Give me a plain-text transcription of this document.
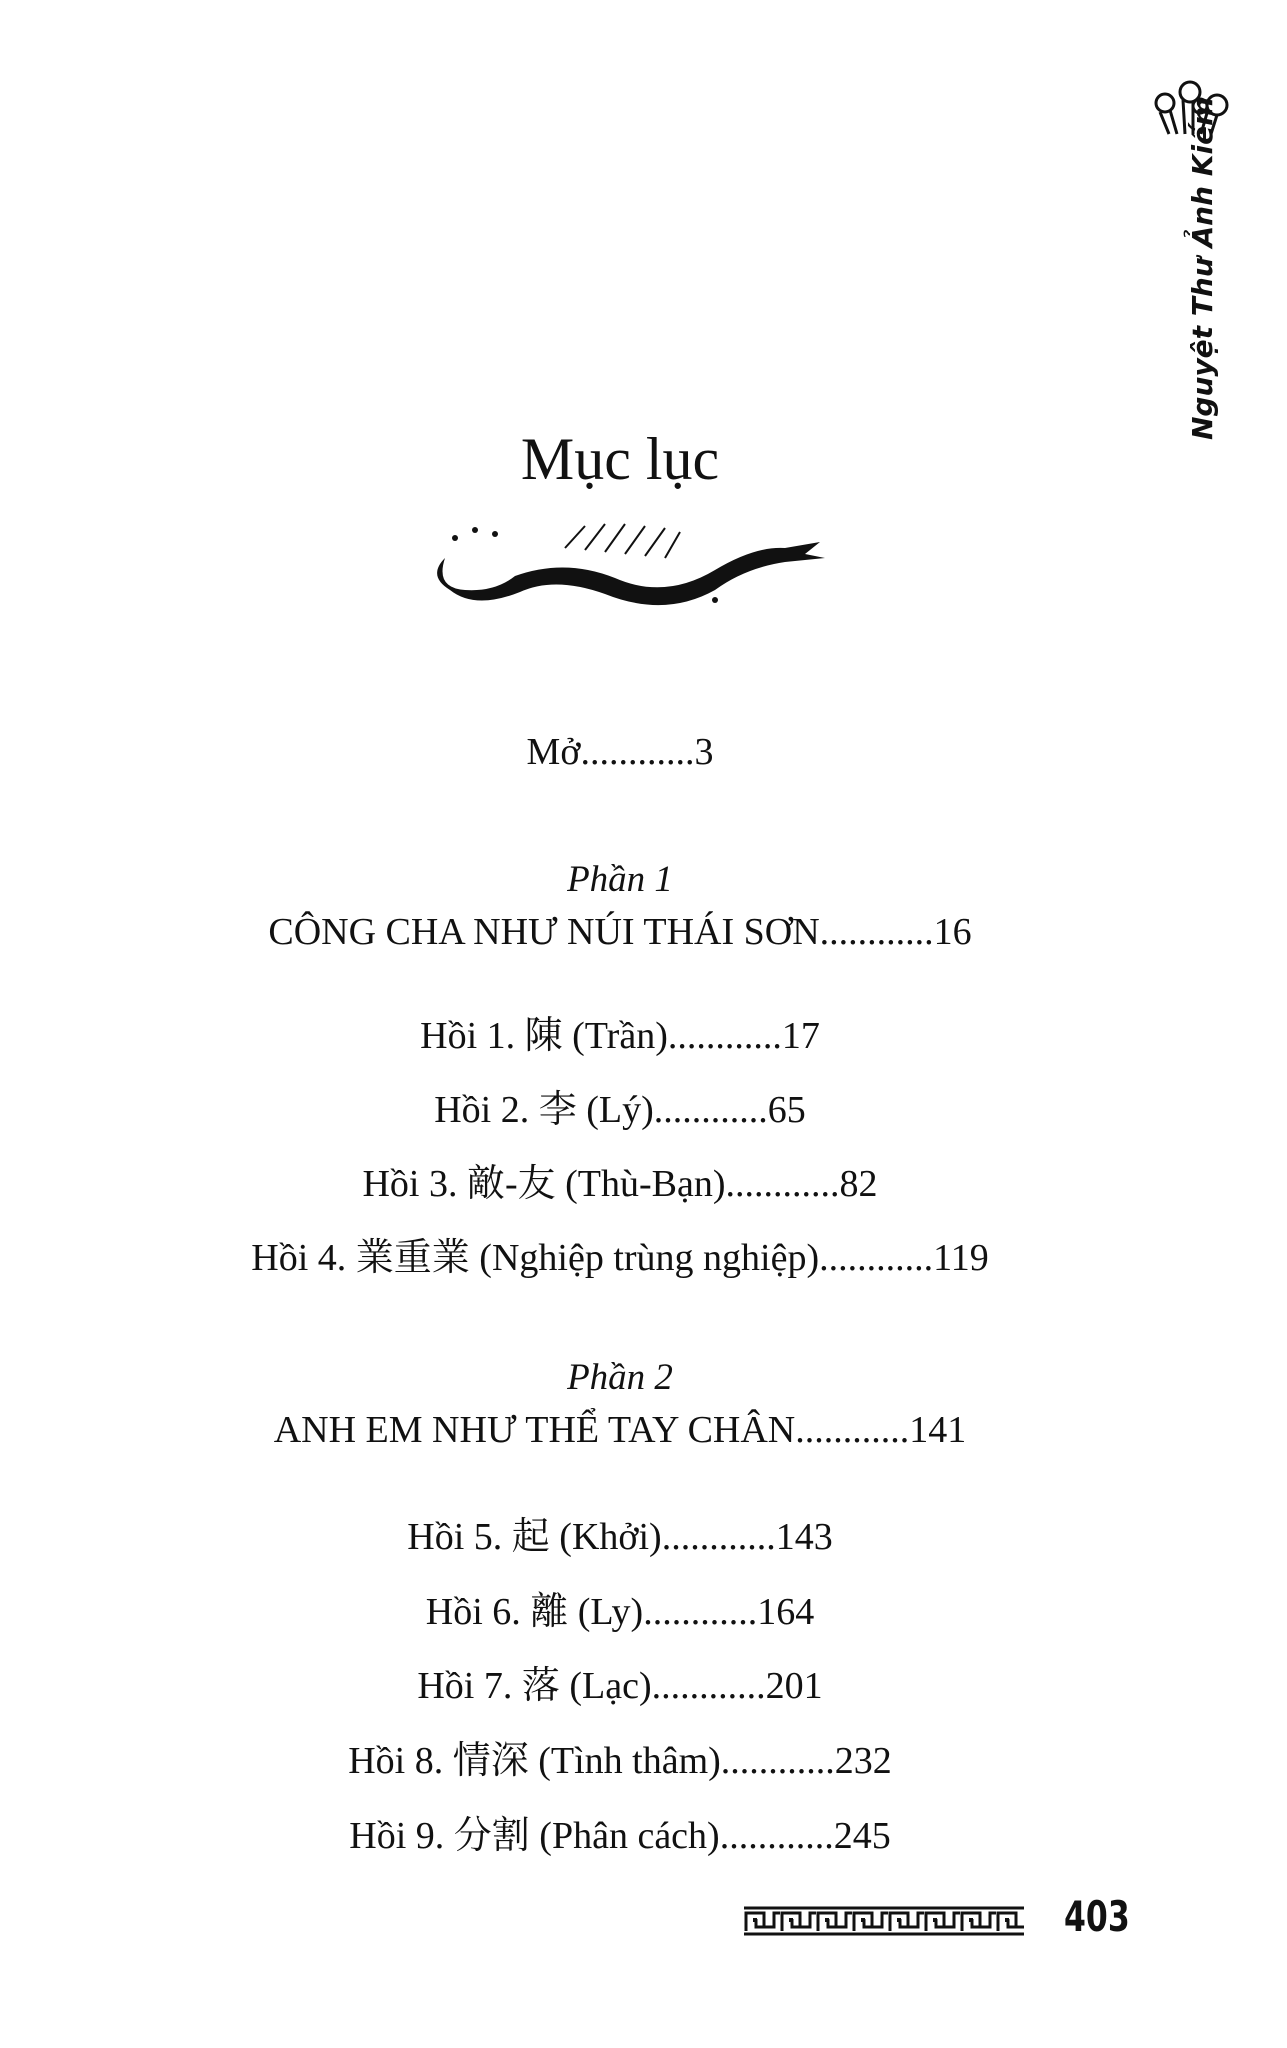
Nguyệt Thư Ảnh Kiếm
Mục lục
Mở............3
Phần 1
CÔNG CHA NHƯ NÚI THÁI SƠN............16
Hồi 1. 陳 (Trần)............17
Hồi 2. 李 (Lý)............65
Hồi 3. 敵-友 (Thù-Bạn)............82
Hồi 4. 業重業 (Nghiệp trùng nghiệp)............119
Hồi 5. 起 (Khởi)............143
Hồi 6. 離 (Ly)............164
Hồi 7. 落 (Lạc)............201
Hồi 8. 情深 (Tình thâm)............232
Hồi 9. 分割 (Phân cách)............245
Phần 2
ANH EM NHƯ THỂ TAY CHÂN............141
403
